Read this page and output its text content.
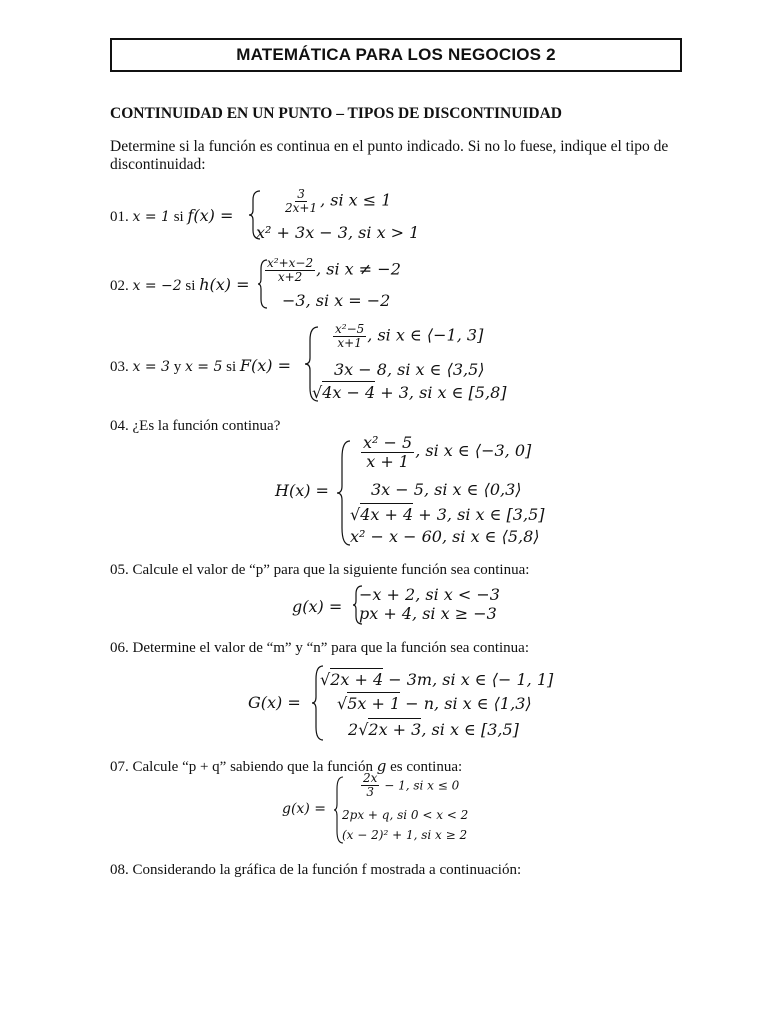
MATEMÁTICA PARA LOS NEGOCIOS 2
CONTINUIDAD EN UN PUNTO – TIPOS DE DISCONTINUIDAD
Determine si la función es continua en el punto indicado. Si no lo fuese, indique el tipo de discontinuidad:
01. x = 1 si f(x) =
$\frac{3}{2x+1}$ , si x ≤ 1
x² + 3x − 3, si x > 1
02. x = −2 si h(x) =
$\frac{\text{x²+x−2}}{x+2}$ , si x ≠ −2
−3, si x = −2
03. x = 3 y x = 5 si F(x) =
$\frac{\text{x²−5}}{x+1}$ , si x ∈ ⟨−1, 3]
3x − 8, si x ∈ ⟨3,5⟩
√4x − 4 + 3, si x ∈ [5,8]
04. ¿Es la función continua?
H(x) =
$\frac{\text{x² − 5}}{x + 1}$ , si x ∈ ⟨−3, 0]
3x − 5, si x ∈ ⟨0,3⟩
√4x + 4 + 3, si x ∈ [3,5]
x² − x − 60, si x ∈ ⟨5,8⟩
05. Calcule el valor de “p” para que la siguiente función sea continua:
g(x) =
−x + 2, si x < −3
px + 4, si x ≥ −3
06. Determine el valor de “m” y “n” para que la función sea continua:
G(x) =
√2x + 4 − 3m, si x ∈ ⟨− 1, 1]
√5x + 1 − n, si x ∈ ⟨1,3⟩
2√2x + 3, si x ∈ [3,5]
07. Calcule “p + q” sabiendo que la función g es continua:
g(x) =
$\frac{2x}{3} - 1$, si x ≤ 0
2px + q, si 0 < x < 2
(x − 2)² + 1, si x ≥ 2
08. Considerando la gráfica de la función f mostrada a continuación:
